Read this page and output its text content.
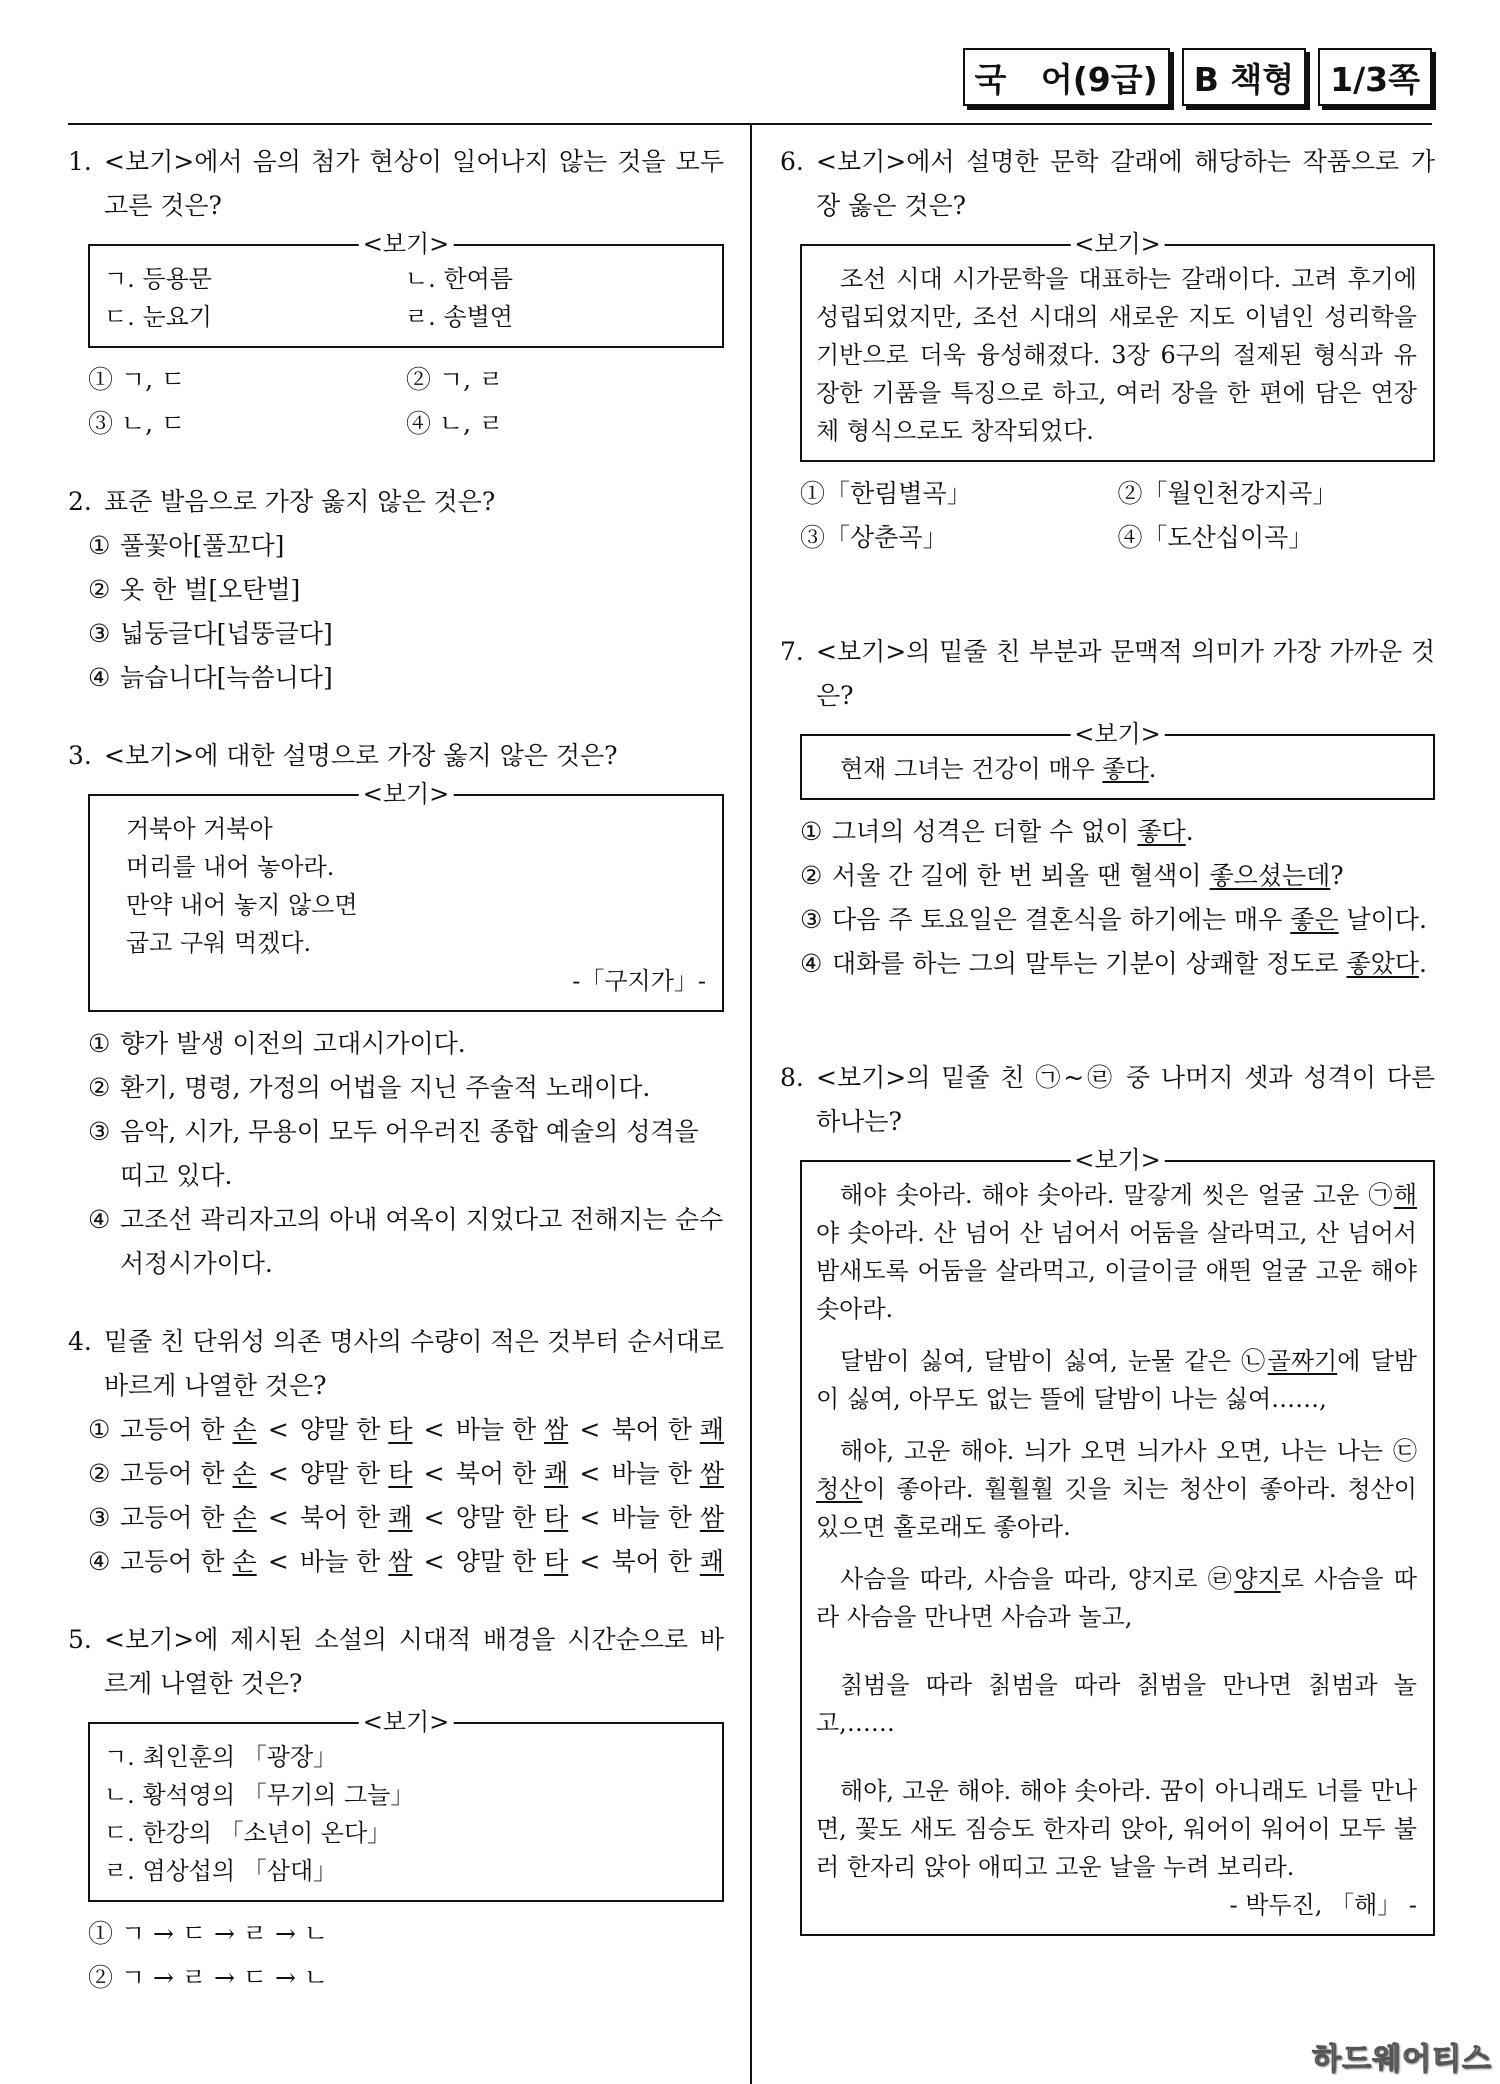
국   어(9급)	B 책형	1/3쪽
1. <보기>에서 음의 첨가 현상이 일어나지 않는 것을 모두 고른 것은?
<보기>
ㄱ. 등용문	ㄴ. 한여름
ㄷ. 눈요기	ㄹ. 송별연
① ㄱ, ㄷ	② ㄱ, ㄹ
③ ㄴ, ㄷ	④ ㄴ, ㄹ
2. 표준 발음으로 가장 옳지 않은 것은?
① 풀꽃아[풀꼬다]
② 옷 한 벌[오탄벌]
③ 넓둥글다[넙뚱글다]
④ 늙습니다[늑씀니다]
3. <보기>에 대한 설명으로 가장 옳지 않은 것은?
<보기>
거북아 거북아
머리를 내어 놓아라.
만약 내어 놓지 않으면
굽고 구워 먹겠다.
-「구지가」-
① 향가 발생 이전의 고대시가이다.
② 환기, 명령, 가정의 어법을 지닌 주술적 노래이다.
③ 음악, 시가, 무용이 모두 어우러진 종합 예술의 성격을 띠고 있다.
④ 고조선 곽리자고의 아내 여옥이 지었다고 전해지는 순수 서정시가이다.
4. 밑줄 친 단위성 의존 명사의 수량이 적은 것부터 순서대로 바르게 나열한 것은?
① 고등어 한 손 < 양말 한 타 < 바늘 한 쌈 < 북어 한 쾌
② 고등어 한 손 < 양말 한 타 < 북어 한 쾌 < 바늘 한 쌈
③ 고등어 한 손 < 북어 한 쾌 < 양말 한 타 < 바늘 한 쌈
④ 고등어 한 손 < 바늘 한 쌈 < 양말 한 타 < 북어 한 쾌
5. <보기>에 제시된 소설의 시대적 배경을 시간순으로 바르게 나열한 것은?
<보기>
ㄱ. 최인훈의 「광장」
ㄴ. 황석영의 「무기의 그늘」
ㄷ. 한강의 「소년이 온다」
ㄹ. 염상섭의 「삼대」
① ㄱ → ㄷ → ㄹ → ㄴ
② ㄱ → ㄹ → ㄷ → ㄴ
6. <보기>에서 설명한 문학 갈래에 해당하는 작품으로 가장 옳은 것은?
<보기>
조선 시대 시가문학을 대표하는 갈래이다. 고려 후기에 성립되었지만, 조선 시대의 새로운 지도 이념인 성리학을 기반으로 더욱 융성해졌다. 3장 6구의 절제된 형식과 유장한 기품을 특징으로 하고, 여러 장을 한 편에 담은 연장체 형식으로도 창작되었다.
①「한림별곡」	②「월인천강지곡」
③「상춘곡」	④「도산십이곡」
7. <보기>의 밑줄 친 부분과 문맥적 의미가 가장 가까운 것은?
<보기>
현재 그녀는 건강이 매우 좋다.
① 그녀의 성격은 더할 수 없이 좋다.
② 서울 간 길에 한 번 뵈올 땐 혈색이 좋으셨는데?
③ 다음 주 토요일은 결혼식을 하기에는 매우 좋은 날이다.
④ 대화를 하는 그의 말투는 기분이 상쾌할 정도로 좋았다.
8. <보기>의 밑줄 친 ㉠~㉣ 중 나머지 셋과 성격이 다른 하나는?
<보기>
해야 솟아라. 해야 솟아라. 말갛게 씻은 얼굴 고운 ㉠해야 솟아라. 산 넘어 산 넘어서 어둠을 살라먹고, 산 넘어서 밤새도록 어둠을 살라먹고, 이글이글 애띈 얼굴 고운 해야 솟아라.
달밤이 싫여, 달밤이 싫여, 눈물 같은 ㉡골짜기에 달밤이 싫여, 아무도 없는 뜰에 달밤이 나는 싫여……,
해야, 고운 해야. 늬가 오면 늬가사 오면, 나는 나는 ㉢청산이 좋아라. 훨훨훨 깃을 치는 청산이 좋아라. 청산이 있으면 홀로래도 좋아라.
사슴을 따라, 사슴을 따라, 양지로 ㉣양지로 사슴을 따라 사슴을 만나면 사슴과 놀고,
칡범을 따라 칡범을 따라 칡범을 만나면 칡범과 놀고,……
해야, 고운 해야. 해야 솟아라. 꿈이 아니래도 너를 만나면, 꽃도 새도 짐승도 한자리 앉아, 워어이 워어이 모두 불러 한자리 앉아 애띠고 고운 날을 누려 보리라.
- 박두진, 「해」 -
하드웨어티스
